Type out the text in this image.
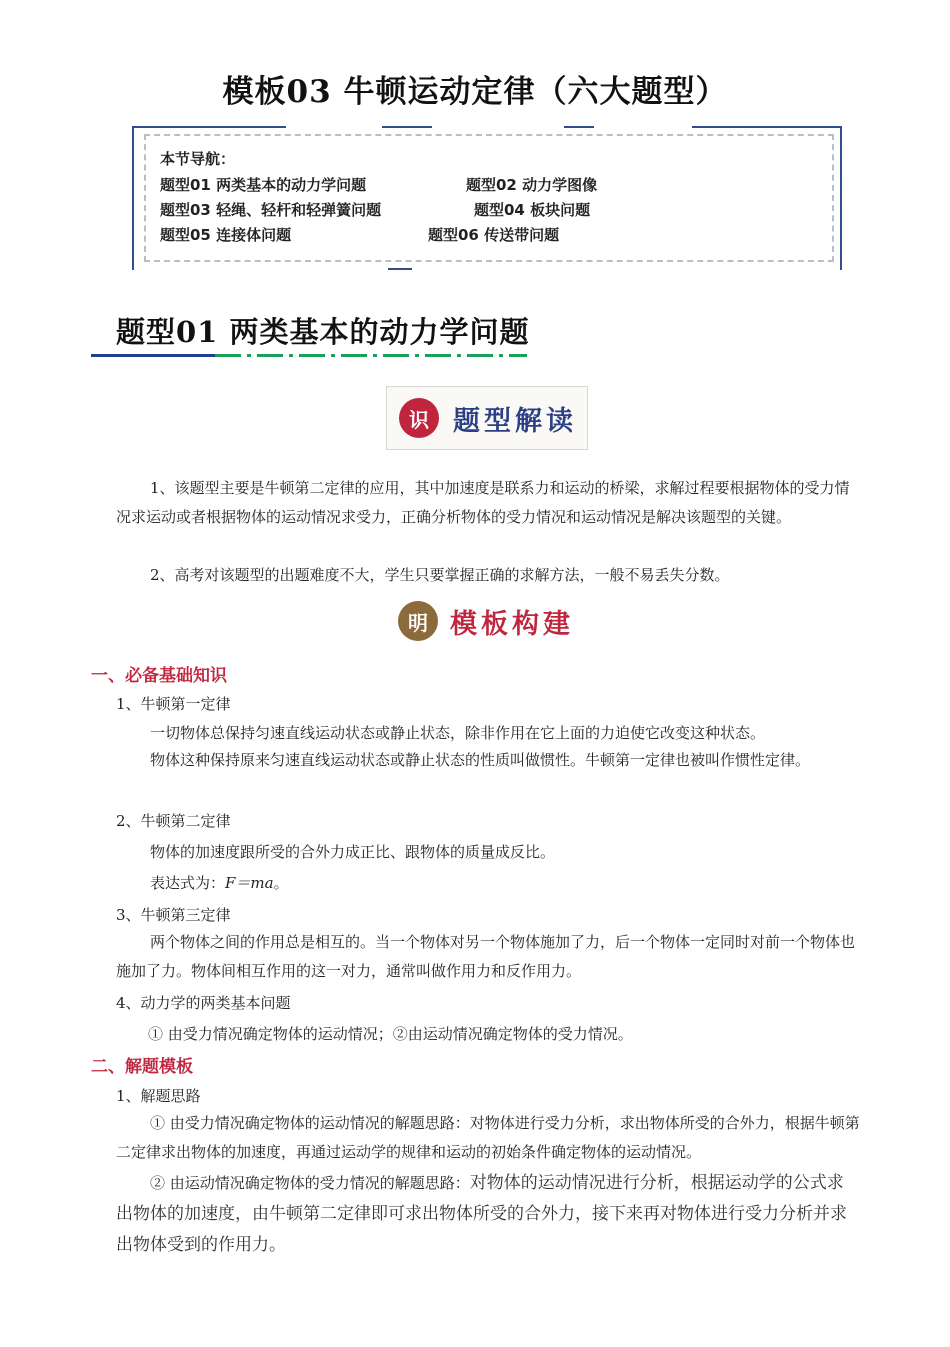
模板03 牛顿运动定律（六大题型）
本节导航：
题型01 两类基本的动力学问题	题型02 动力学图像
题型03 轻绳、轻杆和轻弹簧问题	题型04 板块问题
题型05 连接体问题	题型06 传送带问题
题型01 两类基本的动力学问题
识 题型解读
1、该题型主要是牛顿第二定律的应用，其中加速度是联系力和运动的桥梁，求解过程要根据物体的受力情况求运动或者根据物体的运动情况求受力，正确分析物体的受力情况和运动情况是解决该题型的关键。
2、高考对该题型的出题难度不大，学生只要掌握正确的求解方法，一般不易丢失分数。
明 模板构建
一、必备基础知识
1、牛顿第一定律
一切物体总保持匀速直线运动状态或静止状态，除非作用在它上面的力迫使它改变这种状态。
物体这种保持原来匀速直线运动状态或静止状态的性质叫做惯性。牛顿第一定律也被叫作惯性定律。
2、牛顿第二定律
物体的加速度跟所受的合外力成正比、跟物体的质量成反比。
表达式为：F＝ma。
3、牛顿第三定律
两个物体之间的作用总是相互的。当一个物体对另一个物体施加了力，后一个物体一定同时对前一个物体也施加了力。物体间相互作用的这一对力，通常叫做作用力和反作用力。
4、动力学的两类基本问题
① 由受力情况确定物体的运动情况；②由运动情况确定物体的受力情况。
二、解题模板
1、解题思路
① 由受力情况确定物体的运动情况的解题思路：对物体进行受力分析，求出物体所受的合外力，根据牛顿第二定律求出物体的加速度，再通过运动学的规律和运动的初始条件确定物体的运动情况。
② 由运动情况确定物体的受力情况的解题思路：对物体的运动情况进行分析，根据运动学的公式求出物体的加速度，由牛顿第二定律即可求出物体所受的合外力，接下来再对物体进行受力分析并求出物体受到的作用力。
